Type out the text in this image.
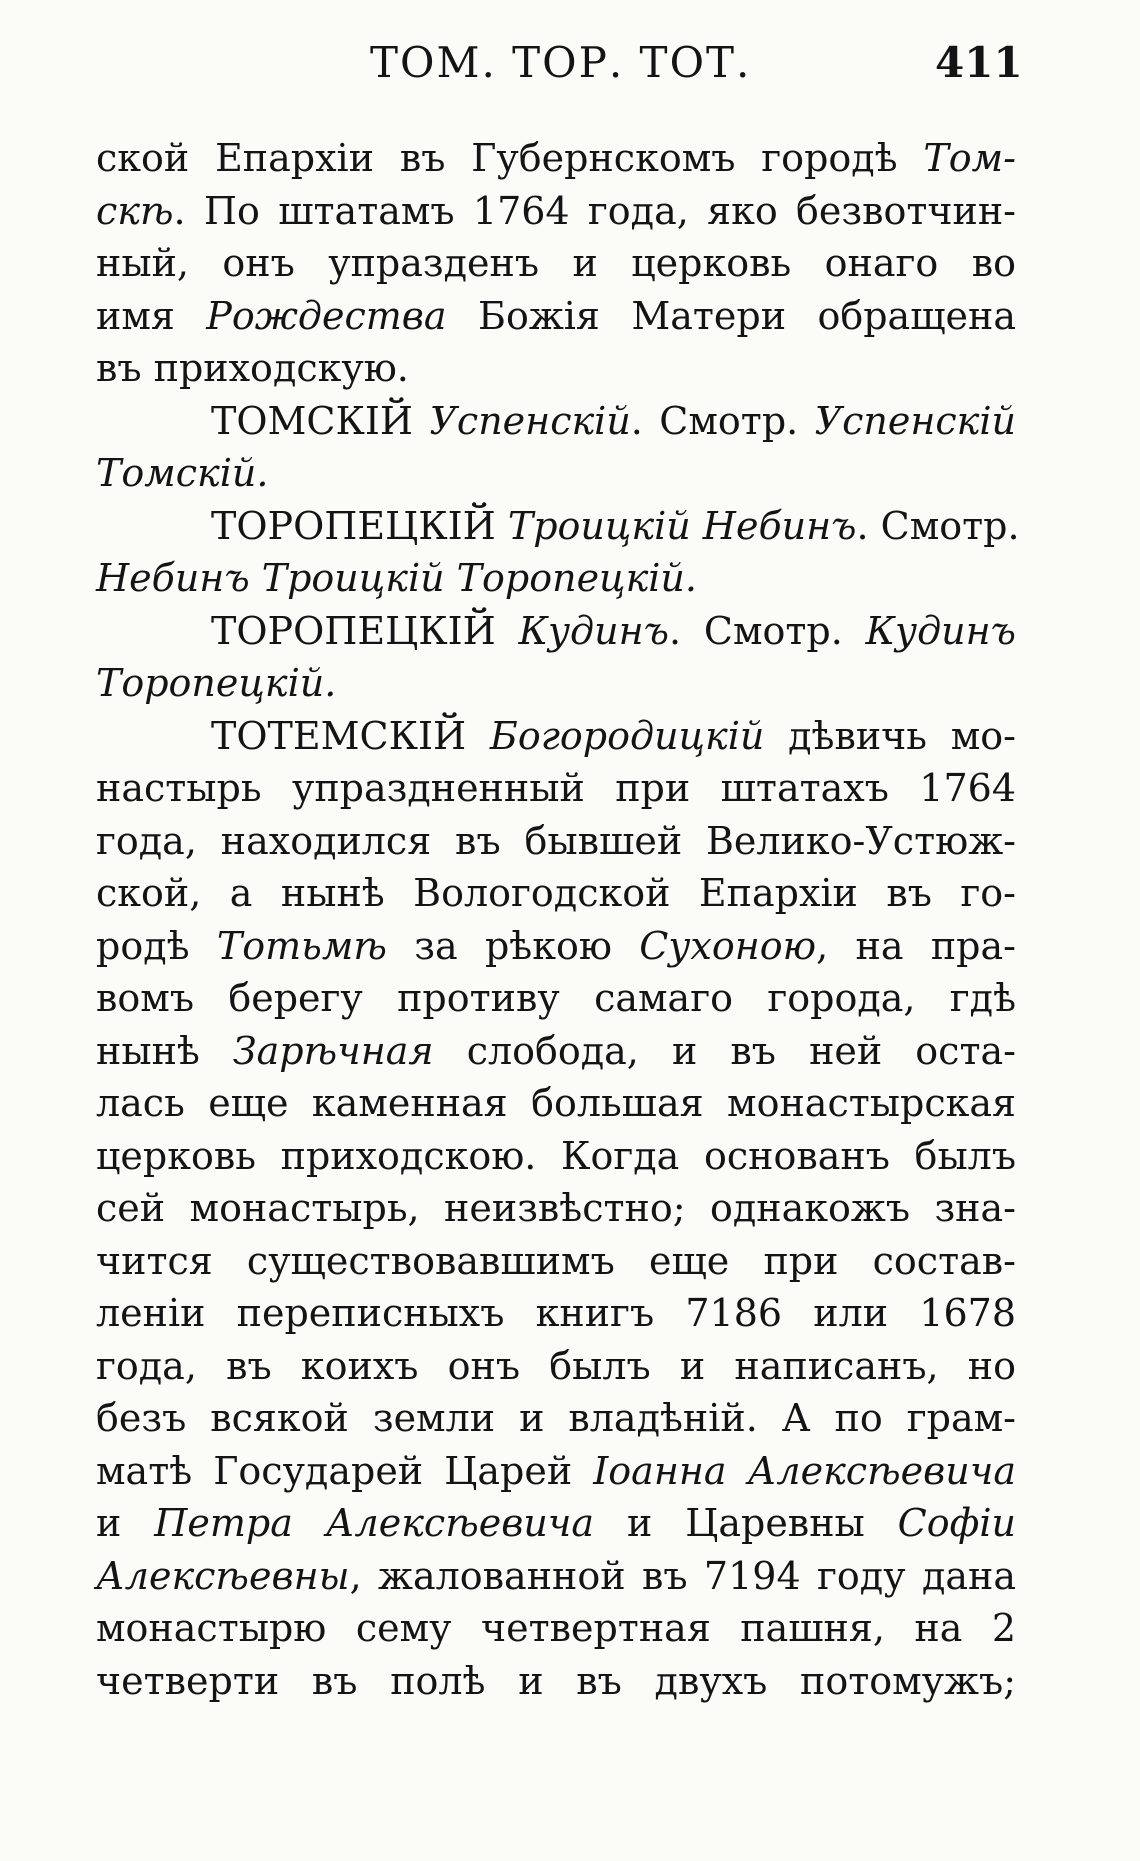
ТОМ. ТОР. ТОТ.	411
ской Епархіи въ Губернскомъ городѣ Том-
скѣ. По штатамъ 1764 года, яко безвотчин-
ный, онъ упразденъ и церковь онаго во
имя Рождества Божія Матери обращена
въ приходскую.
ТОМСКІЙ Успенскій. Смотр. Успенскій
Томскій.
ТОРОПЕЦКІЙ Троицкій Небинъ. Смотр.
Небинъ Троицкій Торопецкій.
ТОРОПЕЦКІЙ Кудинъ. Смотр. Кудинъ
Торопецкій.
ТОТЕМСКІЙ Богородицкій дѣвичь мо-
настырь упраздненный при штатахъ 1764
года, находился въ бывшей Велико-Устюж-
ской, а нынѣ Вологодской Епархіи въ го-
родѣ Тотьмѣ за рѣкою Сухоною, на пра-
вомъ берегу противу самаго города, гдѣ
нынѣ Зарѣчная слобода, и въ ней оста-
лась еще каменная большая монастырская
церковь приходскою. Когда основанъ былъ
сей монастырь, неизвѣстно; однакожъ зна-
чится существовавшимъ еще при состав-
леніи переписныхъ книгъ 7186 или 1678
года, въ коихъ онъ былъ и написанъ, но
безъ всякой земли и владѣній. А по грам-
матѣ Государей Царей Іоанна Алексѣевича
и Петра Алексѣевича и Царевны Софіи
Алексѣевны, жалованной въ 7194 году дана
монастырю сему четвертная пашня, на 2
четверти въ полѣ и въ двухъ потомужъ;
